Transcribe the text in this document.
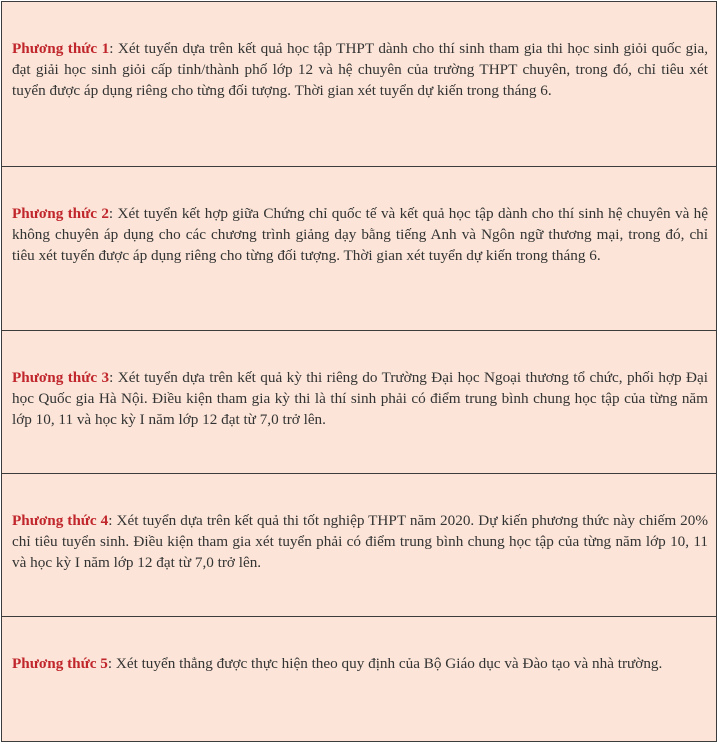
Phương thức 1: Xét tuyển dựa trên kết quả học tập THPT dành cho thí sinh tham gia thi học sinh giỏi quốc gia, đạt giải học sinh giỏi cấp tỉnh/thành phố lớp 12 và hệ chuyên của trường THPT chuyên, trong đó, chỉ tiêu xét tuyển được áp dụng riêng cho từng đối tượng. Thời gian xét tuyển dự kiến trong tháng 6.

Phương thức 2: Xét tuyển kết hợp giữa Chứng chỉ quốc tế và kết quả học tập dành cho thí sinh hệ chuyên và hệ không chuyên áp dụng cho các chương trình giảng dạy bằng tiếng Anh và Ngôn ngữ thương mại, trong đó, chỉ tiêu xét tuyển được áp dụng riêng cho từng đối tượng. Thời gian xét tuyển dự kiến trong tháng 6.

Phương thức 3: Xét tuyển dựa trên kết quả kỳ thi riêng do Trường Đại học Ngoại thương tổ chức, phối hợp Đại học Quốc gia Hà Nội. Điều kiện tham gia kỳ thi là thí sinh phải có điểm trung bình chung học tập của từng năm lớp 10, 11 và học kỳ I năm lớp 12 đạt từ 7,0 trở lên.

Phương thức 4: Xét tuyển dựa trên kết quả thi tốt nghiệp THPT năm 2020. Dự kiến phương thức này chiếm 20% chỉ tiêu tuyển sinh. Điều kiện tham gia xét tuyển phải có điểm trung bình chung học tập của từng năm lớp 10, 11 và học kỳ I năm lớp 12 đạt từ 7,0 trở lên.

Phương thức 5: Xét tuyển thẳng được thực hiện theo quy định của Bộ Giáo dục và Đào tạo và nhà trường.
